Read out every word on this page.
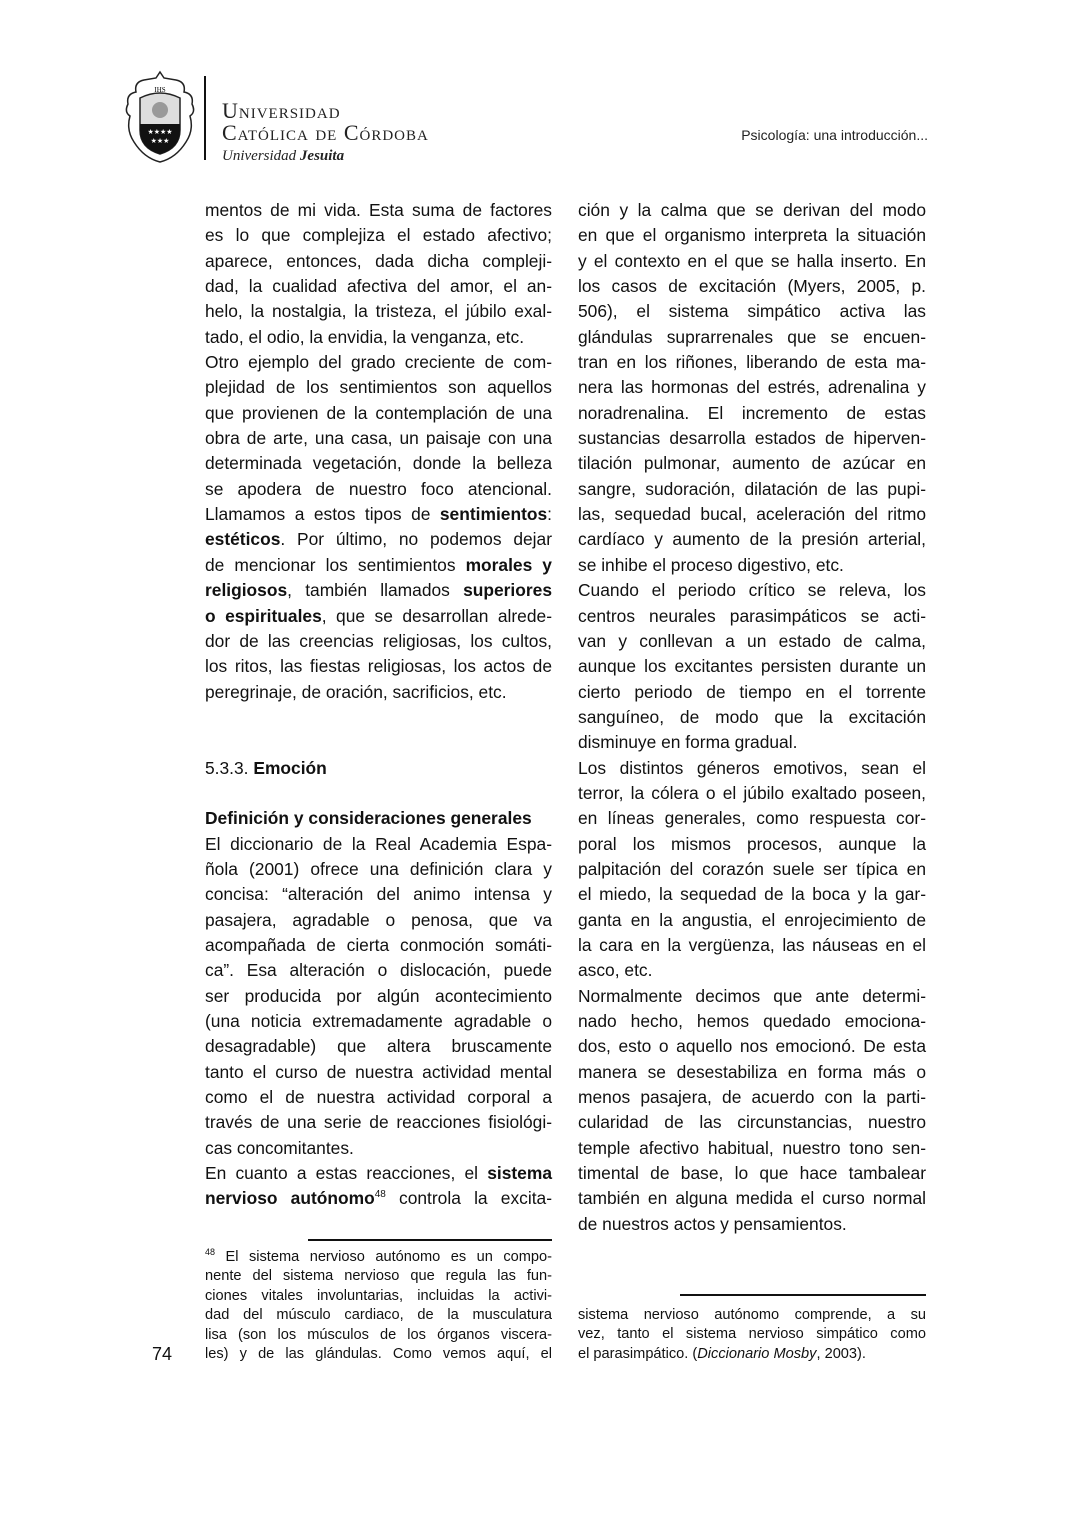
IHS
★★★★
★★★
Universidad
Católica de Córdoba
Universidad Jesuita
Psicología: una introducción...
mentos de mi vida. Esta suma de factores
es lo que complejiza el estado afectivo;
aparece, entonces, dada dicha compleji-
dad, la cualidad afectiva del amor, el an-
helo, la nostalgia, la tristeza, el júbilo exal-
tado, el odio, la envidia, la venganza, etc.
Otro ejemplo del grado creciente de com-
plejidad de los sentimientos son aquellos
que provienen de la contemplación de una
obra de arte, una casa, un paisaje con una
determinada vegetación, donde la belleza
se apodera de nuestro foco atencional.
Llamamos a estos tipos de sentimientos:
estéticos. Por último, no podemos dejar
de mencionar los sentimientos morales y
religiosos, también llamados superiores
o espirituales, que se desarrollan alrede-
dor de las creencias religiosas, los cultos,
los ritos, las fiestas religiosas, los actos de
peregrinaje, de oración, sacrificios, etc.
5.3.3. Emoción
Definición y consideraciones generales
El diccionario de la Real Academia Espa-
ñola (2001) ofrece una definición clara y
concisa: “alteración del animo intensa y
pasajera, agradable o penosa, que va
acompañada de cierta conmoción somáti-
ca”. Esa alteración o dislocación, puede
ser producida por algún acontecimiento
(una noticia extremadamente agradable o
desagradable) que altera bruscamente
tanto el curso de nuestra actividad mental
como el de nuestra actividad corporal a
través de una serie de reacciones fisiológi-
cas concomitantes.
En cuanto a estas reacciones, el sistema
nervioso autónomo$^{48}$ controla la excita-
ción y la calma que se derivan del modo
en que el organismo interpreta la situación
y el contexto en el que se halla inserto. En
los casos de excitación (Myers, 2005, p.
506), el sistema simpático activa las
glándulas suprarrenales que se encuen-
tran en los riñones, liberando de esta ma-
nera las hormonas del estrés, adrenalina y
noradrenalina. El incremento de estas
sustancias desarrolla estados de hiperven-
tilación pulmonar, aumento de azúcar en
sangre, sudoración, dilatación de las pupi-
las, sequedad bucal, aceleración del ritmo
cardíaco y aumento de la presión arterial,
se inhibe el proceso digestivo, etc.
Cuando el periodo crítico se releva, los
centros neurales parasimpáticos se acti-
van y conllevan a un estado de calma,
aunque los excitantes persisten durante un
cierto periodo de tiempo en el torrente
sanguíneo, de modo que la excitación
disminuye en forma gradual.
Los distintos géneros emotivos, sean el
terror, la cólera o el júbilo exaltado poseen,
en líneas generales, como respuesta cor-
poral los mismos procesos, aunque la
palpitación del corazón suele ser típica en
el miedo, la sequedad de la boca y la gar-
ganta en la angustia, el enrojecimiento de
la cara en la vergüenza, las náuseas en el
asco, etc.
Normalmente decimos que ante determi-
nado hecho, hemos quedado emociona-
dos, esto o aquello nos emocionó. De esta
manera se desestabiliza en forma más o
menos pasajera, de acuerdo con la parti-
cularidad de las circunstancias, nuestro
temple afectivo habitual, nuestro tono sen-
timental de base, lo que hace tambalear
también en alguna medida el curso normal
de nuestros actos y pensamientos.
$^{48}$ El sistema nervioso autónomo es un compo-
nente del sistema nervioso que regula las fun-
ciones vitales involuntarias, incluidas la activi-
dad del músculo cardiaco, de la musculatura
lisa (son los músculos de los órganos viscera-
les) y de las glándulas. Como vemos aquí, el
sistema nervioso autónomo comprende, a su
vez, tanto el sistema nervioso simpático como
el parasimpático. (Diccionario Mosby, 2003).
74
